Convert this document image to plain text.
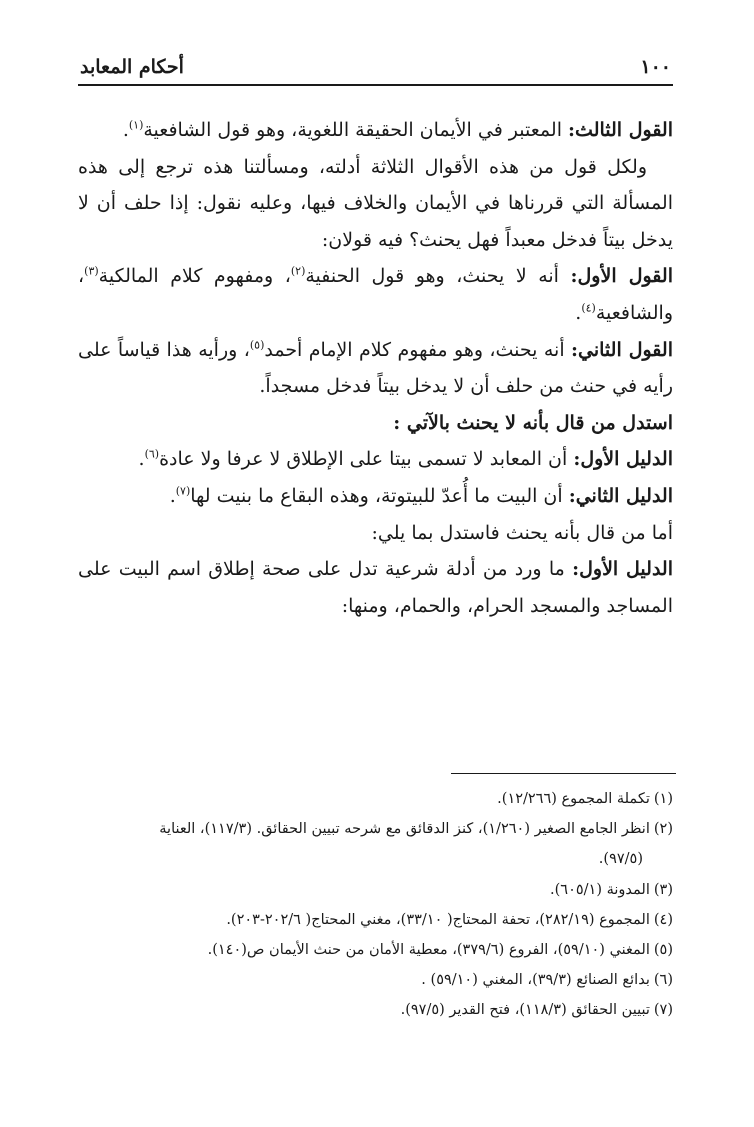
١٠٠
أحكام المعابد

القول الثالث: المعتبر في الأيمان الحقيقة اللغوية، وهو قول الشافعية$^{(١)}$.

ولكل قول من هذه الأقوال الثلاثة أدلته، ومسألتنا هذه ترجع إلى هذه المسألة التي قررناها في الأيمان والخلاف فيها، وعليه نقول: إذا حلف أن لا يدخل بيتاً فدخل معبداً فهل يحنث؟ فيه قولان:

القول الأول: أنه لا يحنث، وهو قول الحنفية$^{(٢)}$، ومفهوم كلام المالكية$^{(٣)}$، والشافعية$^{(٤)}$.

القول الثاني: أنه يحنث، وهو مفهوم كلام الإمام أحمد$^{(٥)}$، ورأيه هذا قياساً على رأيه في حنث من حلف أن لا يدخل بيتاً فدخل مسجداً.

استدل من قال بأنه لا يحنث بالآتي :

الدليل الأول: أن المعابد لا تسمى بيتا على الإطلاق لا عرفا ولا عادة$^{(٦)}$.

الدليل الثاني: أن البيت ما أُعدّ للبيتوتة، وهذه البقاع ما بنيت لها$^{(٧)}$.

أما من قال بأنه يحنث فاستدل بما يلي:

الدليل الأول: ما ورد من أدلة شرعية تدل على صحة إطلاق اسم البيت على المساجد والمسجد الحرام، والحمام، ومنها:

(١)تكملة المجموع (١٢/٢٦٦).

(٢)انظر الجامع الصغير (١/٢٦٠)، كنز الدقائق مع شرحه تبيين الحقائق. (١١٧/٣)، العناية
(٩٧/٥).

(٣)المدونة (٦٠٥/١).

(٤)المجموع (٢٨٢/١٩)، تحفة المحتاج( ٣٣/١٠)، مغني المحتاج( ٢٠٢/٦-٢٠٣).

(٥)المغني (٥٩/١٠)، الفروع (٣٧٩/٦)، معطية الأمان من حنث الأيمان ص(١٤٠).

(٦)بدائع الصنائع (٣٩/٣)، المغني (٥٩/١٠) .

(٧)تبيين الحقائق (١١٨/٣)، فتح القدير (٩٧/٥).
